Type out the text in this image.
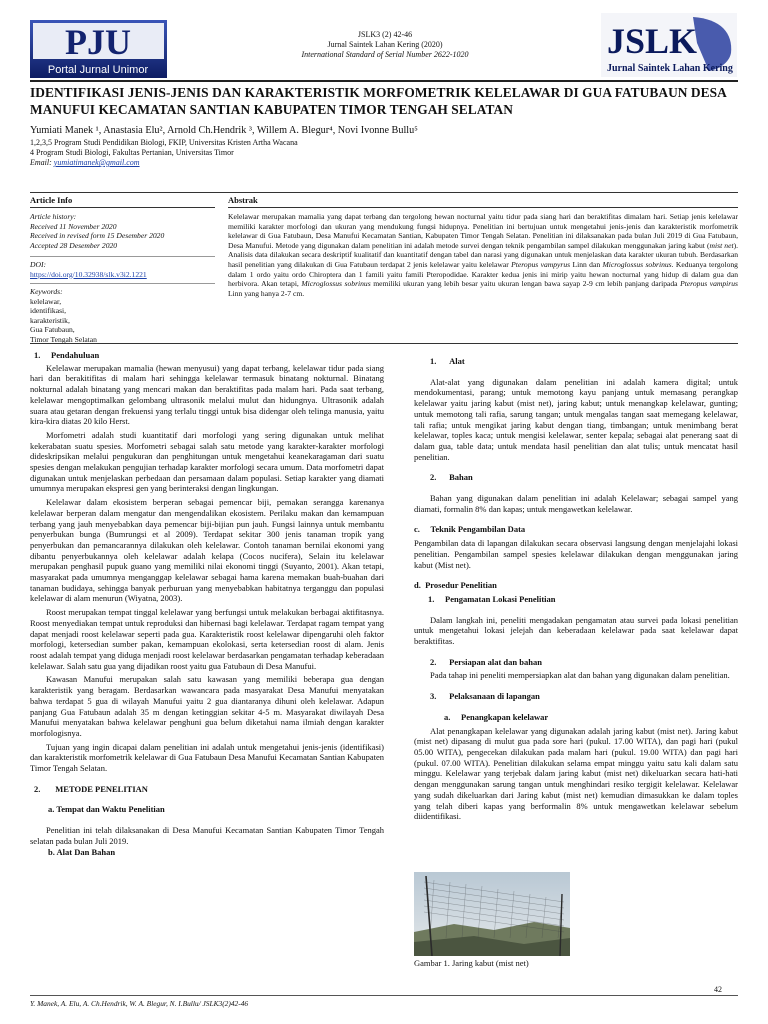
PJU
Portal Jurnal Unimor
JSLK3 (2) 42-46
Jurnal Saintek Lahan Kering (2020)
International Standard of Serial Number 2622-1020	JSLK
Jurnal Saintek Lahan Kering
IDENTIFIKASI JENIS-JENIS DAN KARAKTERISTIK MORFOMETRIK KELELAWAR DI GUA FATUBAUN DESA MANUFUI KECAMATAN SANTIAN KABUPATEN TIMOR TENGAH SELATAN
Yumiati Manek ¹, Anastasia Elu², Arnold Ch.Hendrik ³, Willem A. Blegur⁴, Novi Ivonne Bullu⁵
1,2,3,5 Program Studi Pendidikan Biologi, FKIP, Universitas Kristen Artha Wacana
4 Program Studi Biologi, Fakultas Pertanian, Universitas Timor
Email: yumiatimanek@gmail.com
Article Info	Abstrak
Article history:
Received 11 November 2020
Received in revised form 15 Desember 2020
Accepted 28 Desember 2020
DOI:
https://doi.org/10.32938/slk.v3i2.1221
Keywords:
kelelawar,
identifikasi,
karakteristik,
Gua Fatubaun,
Timor Tengah Selatan
Kelelawar merupakan mamalia yang dapat terbang dan tergolong hewan nocturnal yaitu tidur pada siang hari dan beraktifitas dimalam hari. Setiap jenis kelelawar memiliki karakter morfologi dan ukuran yang mendukung fungsi hidupnya. Penelitian ini bertujuan untuk mengetahui jenis-jenis dan karakteristik morfometrik kelelawar di Gua Fatubaun, Desa Manufui Kecamatan Santian, Kabupaten Timor Tengah Selatan. Penelitian ini dilaksanakan pada bulan Juli 2019 di Gua Fatubaun, Desa Manufui. Metode yang digunakan dalam penelitian ini adalah metode survei dengan teknik pengambilan sampel dilakukan menggunakan jaring kabut (mist net). Analisis data dilakukan secara deskriptif kualitatif dan kuantitatif dengan tabel dan narasi yang digunakan untuk menjelaskan data karakter ukuran tubuh. Berdasarkan hasil penelitian yang dilakukan di Gua Fatubaun terdapat 2 jenis kelelawar yaitu kelelawar Pteropus vampyrus Linn dan Microglossus sobrinus. Keduanya tergolong dalam 1 ordo yaitu ordo Chiroptera dan 1 famili yaitu famili Pteropodidae. Karakter kedua jenis ini mirip yaitu hewan nocturnal yang hidup di dalam gua dan herbivora. Akan tetapi, Microglossus sobrinus memiliki ukuran yang lebih besar yaitu ukuran lengan bawa sayap 2-9 cm lebih panjang daripada Pteropus vampirus Linn yang hanya 2-7 cm.

1.     Pendahuluan

Kelelawar merupakan mamalia (hewan menyusui) yang dapat terbang, kelelawar tidur pada siang hari dan berakitifitas di malam hari sehingga kelelawar termasuk binatang nokturnal. Binatang nokturnal adalah binatang yang mencari makan dan beraktifitas pada malam hari. Pada saat terbang, kelelawar mengoptimalkan gelombang ultrasonik melalui mulut dan hidungnya. Ultrasonik adalah suara atau getaran dengan frekuensi yang terlalu tinggi untuk bisa didengar oleh telinga manusia, yaitu kira-kira diatas 20 kilo Herst.

Morfometri adalah studi kuantitatif dari morfologi yang sering digunakan untuk melihat kekerabatan suatu spesies. Morfometri sebagai salah satu metode yang karakter-karakter morfologi dideskripsikan melalui pengukuran dan penghitungan untuk mengetahui keanekaragaman dari suatu spesies dengan melakukan pengujian terhadap karakter morfologi secara umum. Data morfometri dapat digunakan untuk menjelaskan perbedaan dan persamaan dalam populasi. Setiap karakter yang diamati umumnya merupakan ekspresi gen yang berinteraksi dengan lingkungan.

Kelelawar dalam ekosistem berperan sebagai pemencar biji, pemakan serangga karenanya kelelawar berperan dalam mengatur dan mengendalikan ekosistem. Perilaku makan dan kemampuan terbang yang jauh menyebabkan daya pemencar biji-bijian pun jauh. Fungsi lainnya untuk membantu penyerbukan bunga (Bumrungsi et al 2009). Terdapat sekitar 300 jenis tanaman tropik yang penyerbukan dan pemancarannya dilakukan oleh kelelawar. Contoh tanaman bernilai ekonomi yang dibantu penyerbukannya oleh kelelawar adalah kelapa (Cocos nucifera), Selain itu kelelawar merupakan penghasil pupuk guano yang memiliki nilai ekonomi tinggi (Suyanto, 2001). Akan tetapi, masyarakat pada umumnya menganggap kelelawar sebagai hama karena memakan buah-buahan dari tanaman budidaya, sehingga banyak perburuan yang menyebabkan habitatnya terganggu dan populasi kelelawar di alam menurun (Wiyatna, 2003).

Roost merupakan tempat tinggal kelelawar yang berfungsi untuk melakukan berbagai aktifitasnya. Roost menyediakan tempat untuk reproduksi dan hibernasi bagi kelelawar. Terdapat ragam tempat yang dapat menjadi roost kelelawar seperti pada gua. Karakteristik roost kelelawar dipengaruhi oleh faktor morfologi, ketersedian sumber pakan, kemampuan ekolokasi, serta ketersedian roost di alam. Jenis roost adalah tempat yang diduga menjadi roost kelelawar berdasarkan pengamatan terhadap keberadaan kelelawar. Salah satu gua yang dijadikan roost yaitu gua Fatubaun di Desa Manufui.

Kawasan Manufui merupakan salah satu kawasan yang memiliki beberapa gua dengan karakteristik yang beragam. Berdasarkan wawancara pada masyarakat Desa Manufui menyatakan bahwa terdapat 5 gua di wilayah Manufui yaitu 2 gua diantaranya dihuni oleh kelelawar. Adapun panjang Gua Fatubaun adalah 35 m dengan ketinggian sekitar 4-5 m. Masyarakat diwilayah Desa Manufui menyatakan bahwa kelelawar penghuni gua belum diketahui nama ilmiah dengan karakter morfologisnya.

Tujuan yang ingin dicapai dalam penelitian ini adalah untuk mengetahui jenis-jenis (identifikasi) dan karakteristik morfometrik kelelawar di Gua Fatubaun Desa Manufui Kecamatan Santian Kabupaten Timor Tengah Selatan.

2.       METODE PENELITIAN

a. Tempat dan Waktu Penelitian

Penelitian ini telah dilaksanakan di Desa Manufui Kecamatan Santian Kabupaten Timor Tengah selatan pada bulan Juli 2019.

b. Alat Dan Bahan

1.      Alat

Alat-alat yang digunakan dalam penelitian ini adalah kamera digital; untuk mendokumentasi, parang; untuk memotong kayu panjang untuk memasang perangkap kelelawar yaitu jaring kabut (mist net), jaring kabut; untuk menangkap kelelawar, gunting; untuk memotong tali rafia, sarung tangan; untuk mengalas tangan saat memegang kelelawar, tali rafia; untuk mengikat jaring kabut dengan tiang, timbangan; untuk menimbang berat kelelawar, toples kaca; untuk mengisi kelelawar, senter kepala; sebagai alat penerang saat di dalam gua, table data; untuk mendata hasil penelitian dan alat tulis; untuk mencatat hasil penelitian.

2.      Bahan

Bahan yang digunakan dalam penelitian ini adalah Kelelawar; sebagai sampel yang diamati, formalin 8% dan kapas; untuk mengawetkan kelelawar.

c.     Teknik Pengambilan Data

Pengambilan data di lapangan dilakukan secara observasi langsung dengan menjelajahi lokasi penelitian. Pengambilan sampel spesies kelelawar dilakukan dengan menggunakan jaring kabut (Mist net).

d.  Prosedur Penelitian

1.     Pengamatan Lokasi Penelitian

Dalam langkah ini, peneliti mengadakan pengamatan atau survei pada lokasi penelitian untuk mengetahui lokasi jelejah dan keberadaan kelelawar pada saat kelelawar dapat beraktifitas.

2.      Persiapan alat dan bahan

Pada tahap ini peneliti mempersiapkan alat dan bahan yang digunakan dalam penelitian.

3.      Pelaksanaan di lapangan

a.     Penangkapan kelelawar

Alat penangkapan kelelawar yang digunakan adalah jaring kabut (mist net). Jaring kabut (mist net) dipasang di mulut gua pada sore hari (pukul. 17.00 WITA), dan pagi hari (pukul 05.00 WITA), pengecekan dilakukan pada malam hari (pukul. 19.00 WITA) dan pagi hari (pukul. 07.00 WITA). Penelitian dilakukan selama empat minggu yaitu satu kali dalam satu minggu. Kelelawar yang terjebak dalam jaring kabut (mist net) dikeluarkan secara hati-hati dengan menggunakan sarung tangan untuk menghindari resiko tergigit kelelawar. Kelelawar yang sudah dikeluarkan dari Jaring kabut (mist net) kemudian dimasukkan ke dalam toples yang telah diberi kapas yang berformalin 8% untuk mengawetkan kelelawar sebelum diidentifikasi.

Gambar 1. Jaring kabut (mist net)
42
Y. Manek, A. Elu, A. Ch.Hendrik, W. A. Blegur, N. I.Bullu/ JSLK3(2)42-46
